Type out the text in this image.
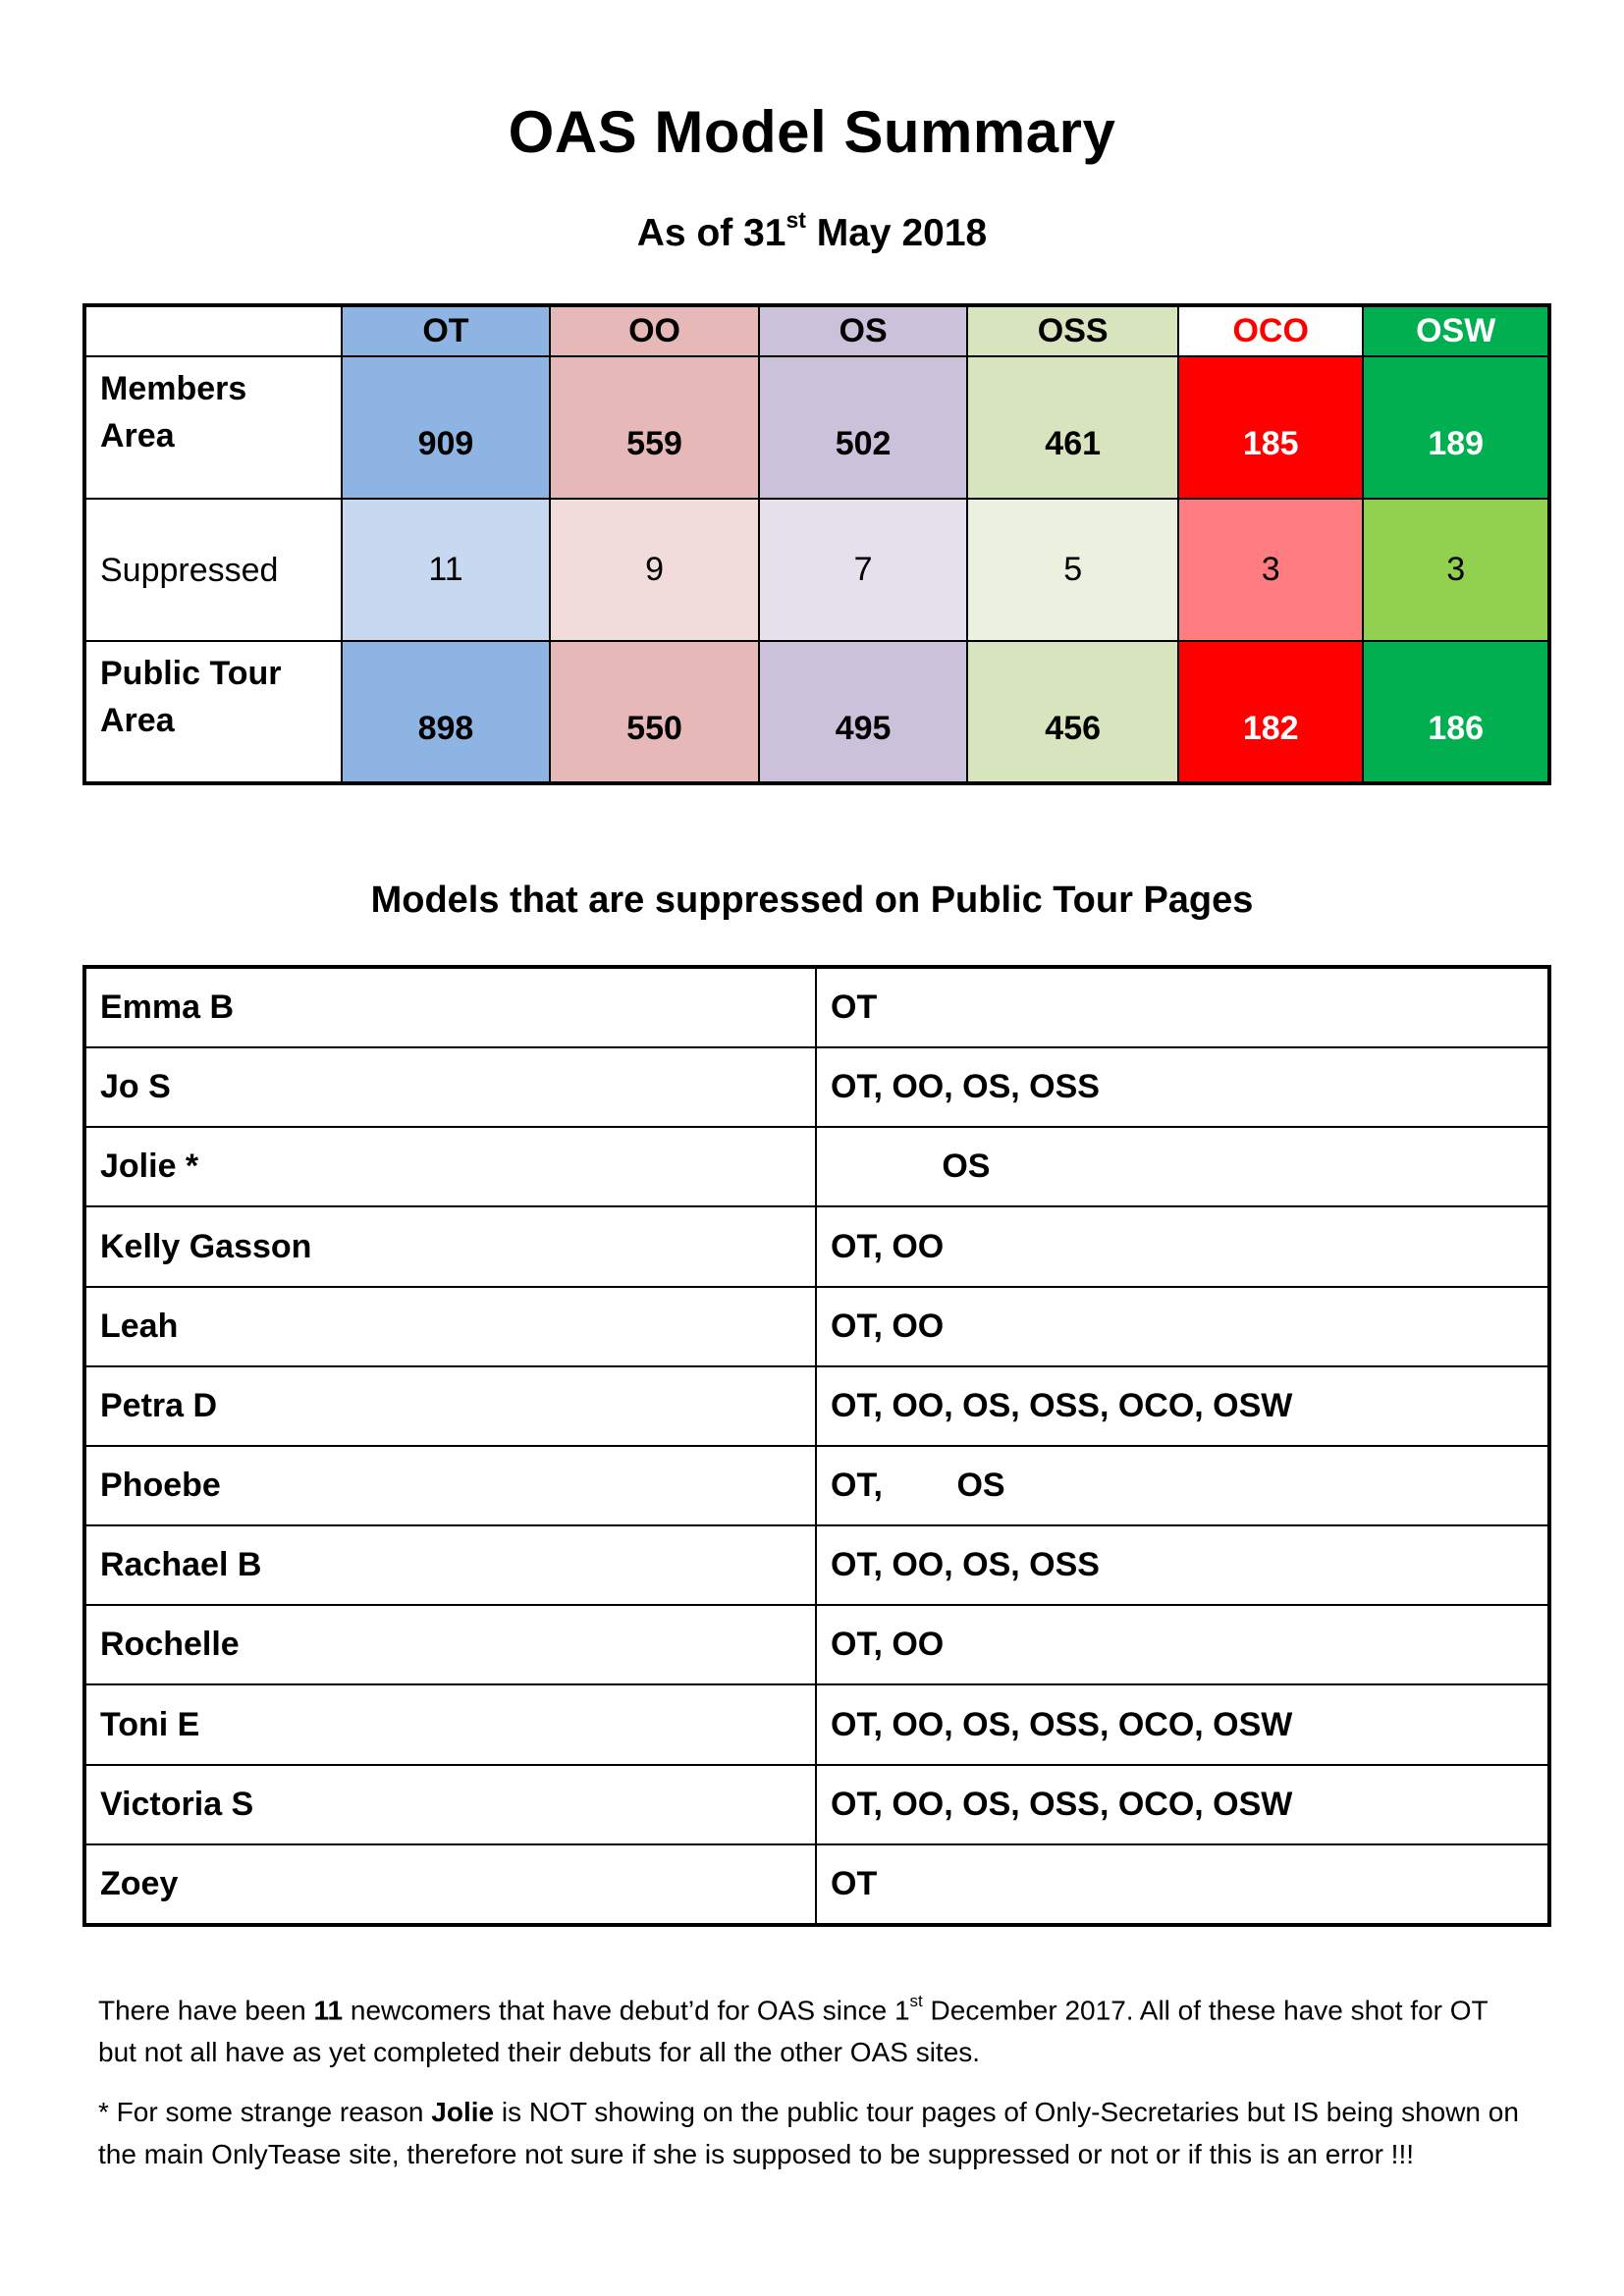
OAS Model Summary
As of 31st May 2018
	OT	OO	OS	OSS	OCO	OSW
Members
Area	909	559	502	461	185	189
Suppressed	11	9	7	5	3	3
Public Tour
Area	898	550	495	456	182	186
Models that are suppressed on Public Tour Pages
Emma B	OT
Jo S	OT, OO, OS, OSS
Jolie *	OS
Kelly Gasson	OT, OO
Leah	OT, OO
Petra D	OT, OO, OS, OSS, OCO, OSW
Phoebe	OT,        OS
Rachael B	OT, OO, OS, OSS
Rochelle	OT, OO
Toni E	OT, OO, OS, OSS, OCO, OSW
Victoria S	OT, OO, OS, OSS, OCO, OSW
Zoey	OT
There have been 11 newcomers that have debut’d for OAS since 1st December 2017. All of these have shot for OT but not all have as yet completed their debuts for all the other OAS sites.
* For some strange reason Jolie is NOT showing on the public tour pages of Only-Secretaries but IS being shown on the main OnlyTease site, therefore not sure if she is supposed to be suppressed or not or if this is an error !!!
